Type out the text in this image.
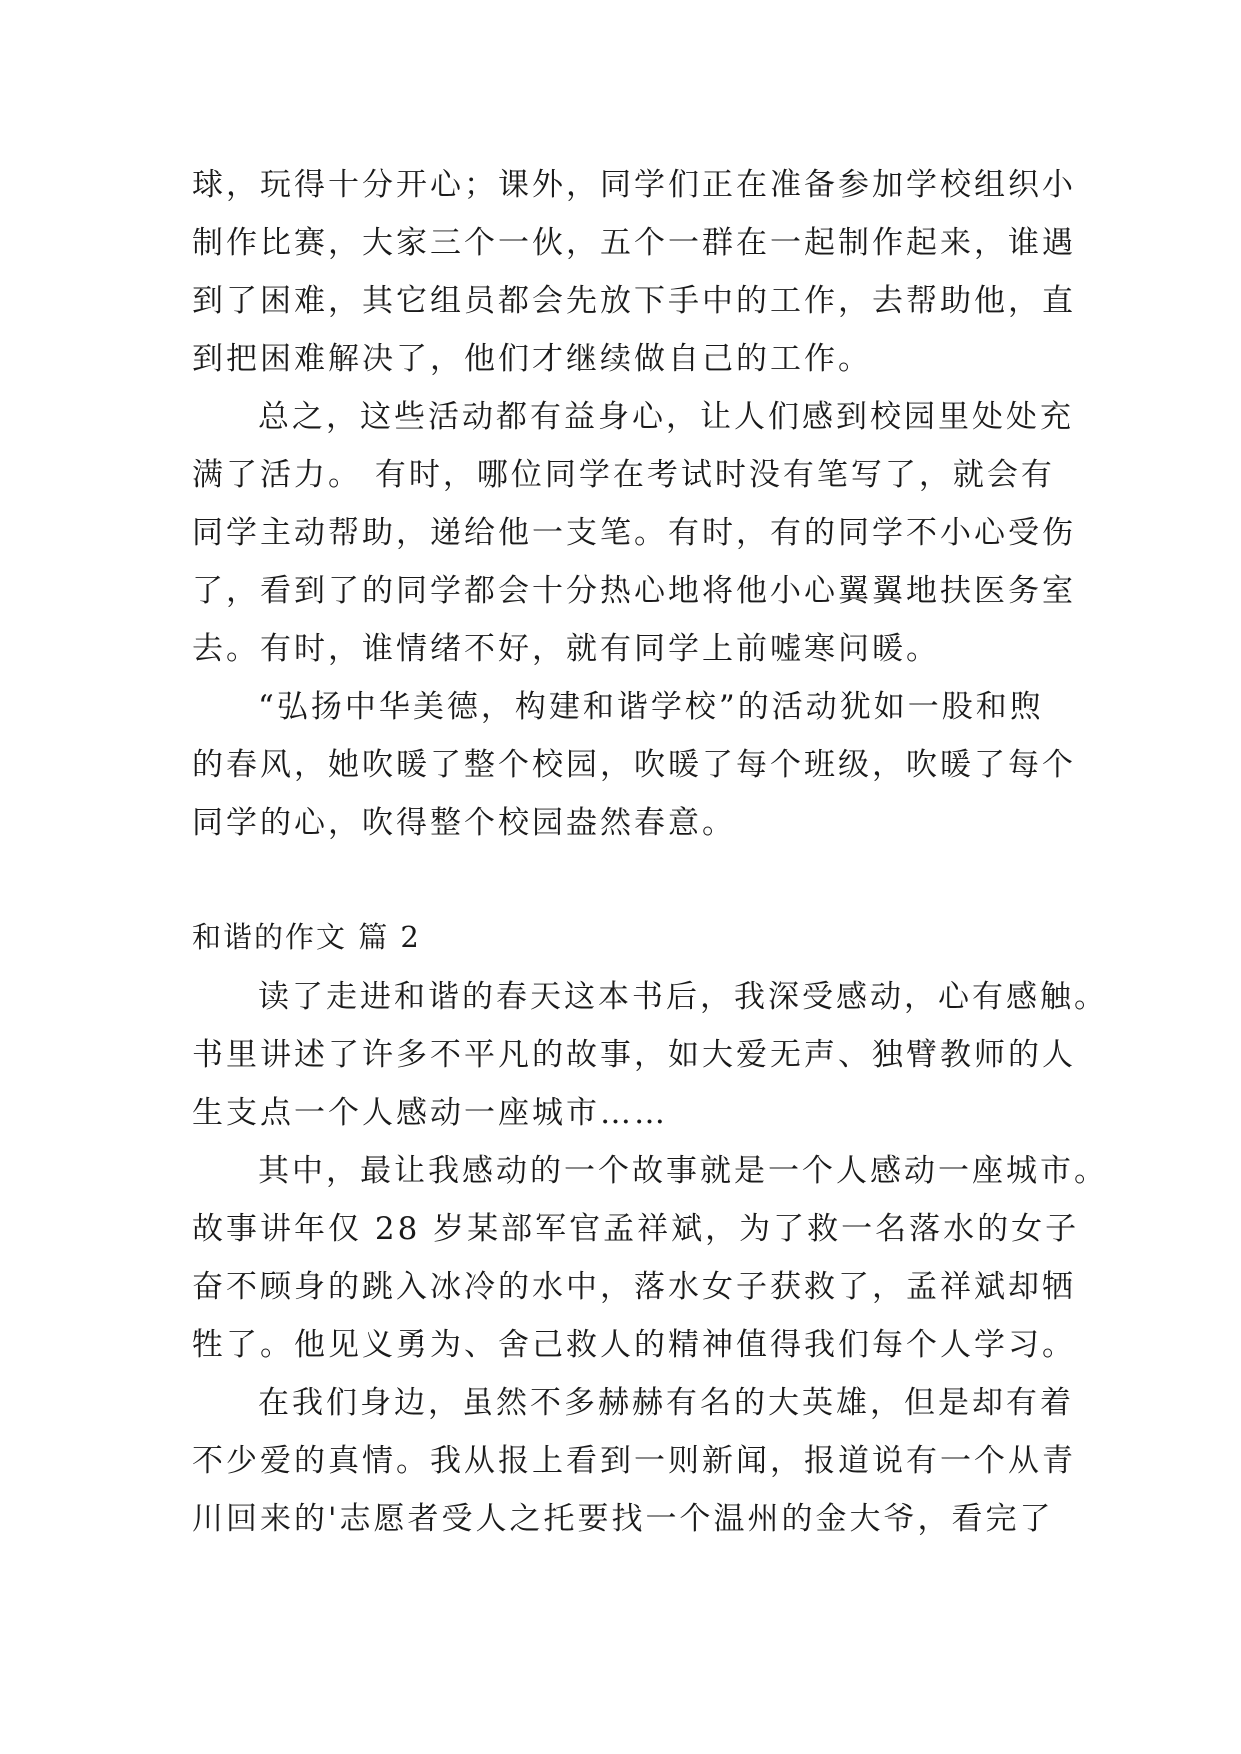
球，玩得十分开心；课外，同学们正在准备参加学校组织小
制作比赛，大家三个一伙，五个一群在一起制作起来，谁遇
到了困难，其它组员都会先放下手中的工作，去帮助他，直
到把困难解决了，他们才继续做自己的工作。
总之，这些活动都有益身心，让人们感到校园里处处充
满了活力。 有时，哪位同学在考试时没有笔写了，就会有
同学主动帮助，递给他一支笔。有时，有的同学不小心受伤
了，看到了的同学都会十分热心地将他小心翼翼地扶医务室
去。有时，谁情绪不好，就有同学上前嘘寒问暖。
“弘扬中华美德，构建和谐学校”的活动犹如一股和煦
的春风，她吹暖了整个校园，吹暖了每个班级，吹暖了每个
同学的心，吹得整个校园盎然春意。
和谐的作文 篇 2
读了走进和谐的春天这本书后，我深受感动，心有感触。
书里讲述了许多不平凡的故事，如大爱无声、独臂教师的人
生支点一个人感动一座城市……
其中，最让我感动的一个故事就是一个人感动一座城市。
故事讲年仅 28 岁某部军官孟祥斌，为了救一名落水的女子
奋不顾身的跳入冰冷的水中，落水女子获救了，孟祥斌却牺
牲了。他见义勇为、舍己救人的精神值得我们每个人学习。
在我们身边，虽然不多赫赫有名的大英雄，但是却有着
不少爱的真情。我从报上看到一则新闻，报道说有一个从青
川回来的'志愿者受人之托要找一个温州的金大爷，看完了
